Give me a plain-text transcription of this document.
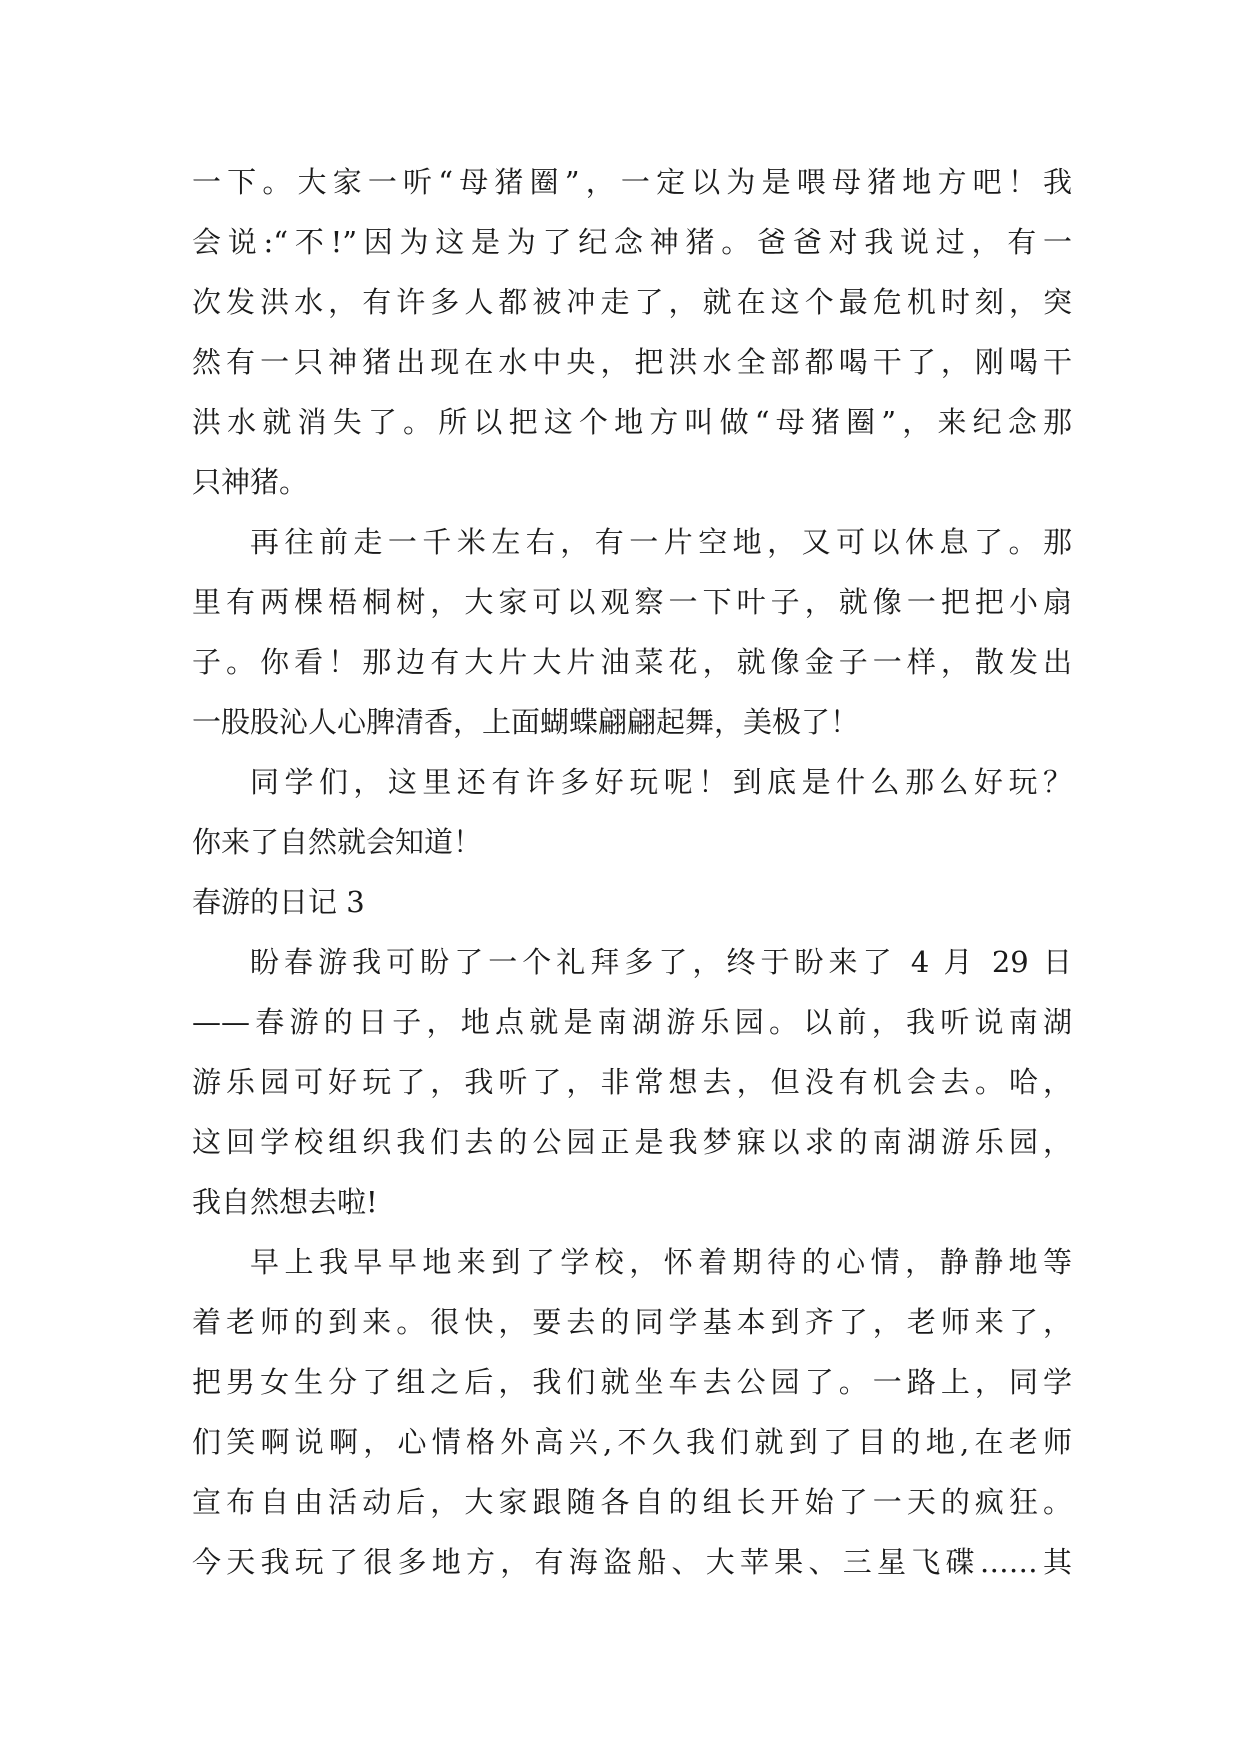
一下。大家一听“母猪圈”，一定以为是喂母猪地方吧！我
会说:“不!”因为这是为了纪念神猪。爸爸对我说过，有一
次发洪水，有许多人都被冲走了，就在这个最危机时刻，突
然有一只神猪出现在水中央，把洪水全部都喝干了，刚喝干
洪水就消失了。所以把这个地方叫做“母猪圈”，来纪念那
只神猪。
再往前走一千米左右，有一片空地，又可以休息了。那
里有两棵梧桐树，大家可以观察一下叶子，就像一把把小扇
子。你看！那边有大片大片油菜花，就像金子一样，散发出
一股股沁人心脾清香，上面蝴蝶翩翩起舞，美极了！
同学们，这里还有许多好玩呢！到底是什么那么好玩？
你来了自然就会知道！
春游的日记 3
盼春游我可盼了一个礼拜多了，终于盼来了 4 月 29 日
——春游的日子，地点就是南湖游乐园。以前，我听说南湖
游乐园可好玩了，我听了，非常想去，但没有机会去。哈，
这回学校组织我们去的公园正是我梦寐以求的南湖游乐园，
我自然想去啦!
早上我早早地来到了学校，怀着期待的心情，静静地等
着老师的到来。很快，要去的同学基本到齐了，老师来了，
把男女生分了组之后，我们就坐车去公园了。一路上，同学
们笑啊说啊，心情格外高兴,不久我们就到了目的地,在老师
宣布自由活动后，大家跟随各自的组长开始了一天的疯狂。
今天我玩了很多地方，有海盗船、大苹果、三星飞碟……其
